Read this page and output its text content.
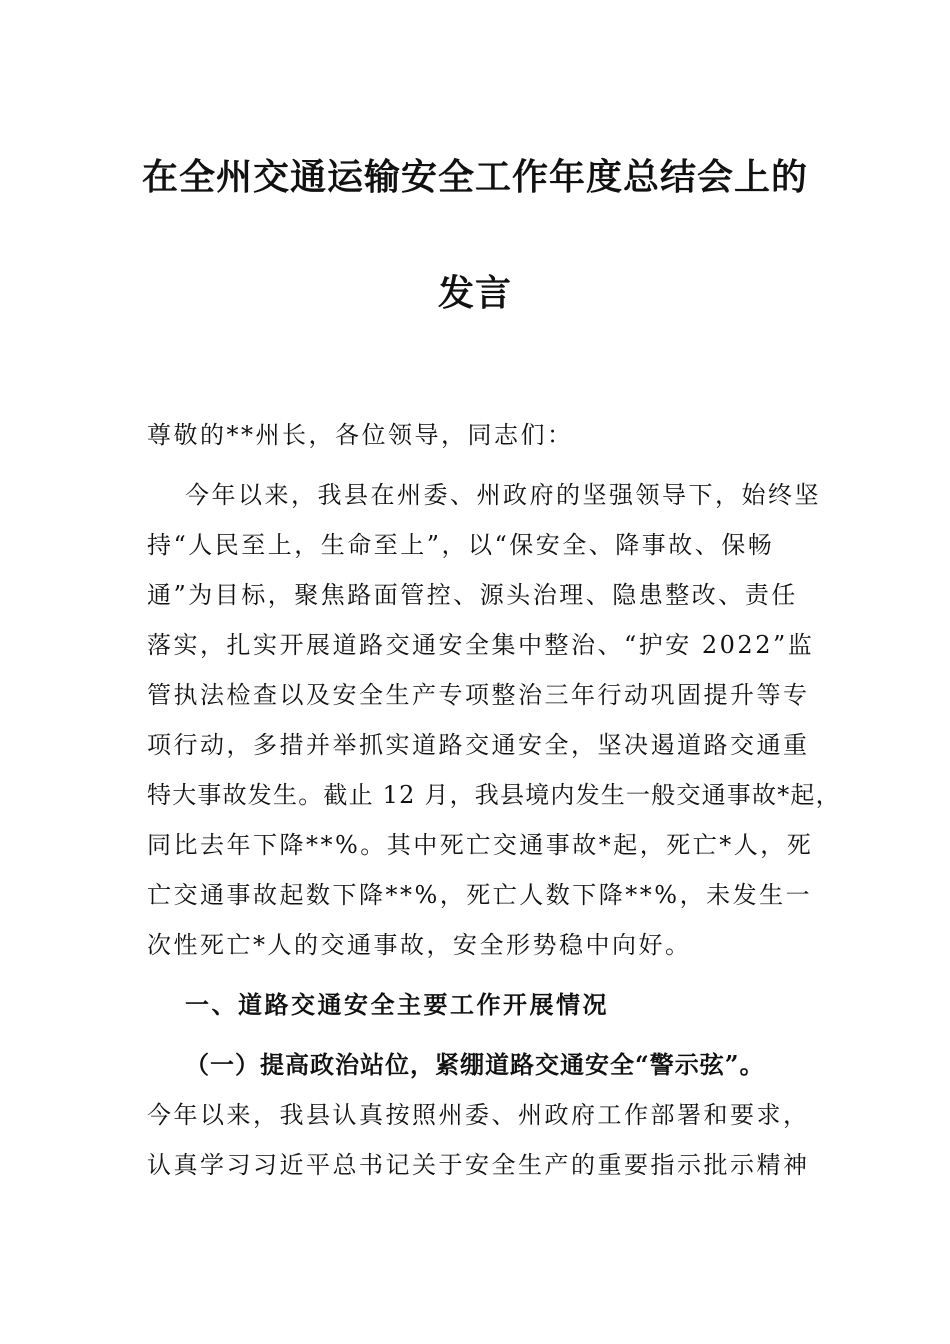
在全州交通运输安全工作年度总结会上的
发言
尊敬的**州长，各位领导，同志们：
今年以来，我县在州委、州政府的坚强领导下，始终坚
持“人民至上，生命至上”，以“保安全、降事故、保畅
通”为目标，聚焦路面管控、源头治理、隐患整改、责任
落实，扎实开展道路交通安全集中整治、“护安 2022”监
管执法检查以及安全生产专项整治三年行动巩固提升等专
项行动，多措并举抓实道路交通安全，坚决遏道路交通重
特大事故发生。截止 12 月，我县境内发生一般交通事故*起，
同比去年下降**%。其中死亡交通事故*起，死亡*人，死
亡交通事故起数下降**%，死亡人数下降**%，未发生一
次性死亡*人的交通事故，安全形势稳中向好。
一、道路交通安全主要工作开展情况
（一）提高政治站位，紧绷道路交通安全“警示弦”。
今年以来，我县认真按照州委、州政府工作部署和要求，
认真学习习近平总书记关于安全生产的重要指示批示精神
